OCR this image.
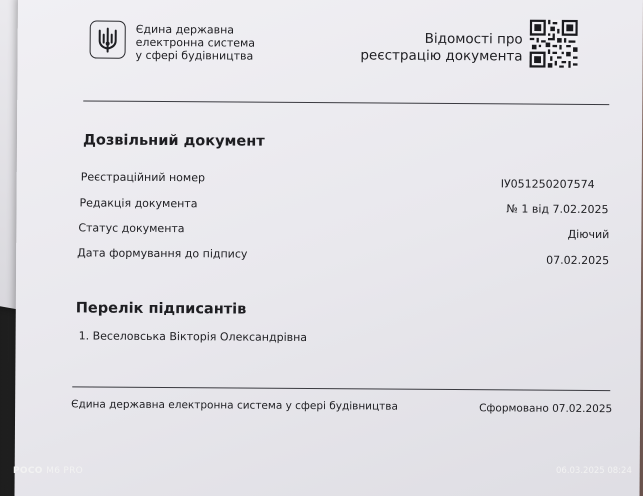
Єдина державна
електронна система
у сфері будівництва
Відомості про
реєстрацію документа
Дозвільний документ
Реєстраційний номер	ІУ051250207574
Редакція документа	№ 1 від 7.02.2025
Статус документа	Діючий
Дата формування до підпису	07.02.2025
Перелік підписантів
1. Веселовська Вікторія Олександрівна
Єдина державна електронна система у сфері будівництва	Сформовано 07.02.2025
POCO M6 PRO	06.03.2025 08:24
